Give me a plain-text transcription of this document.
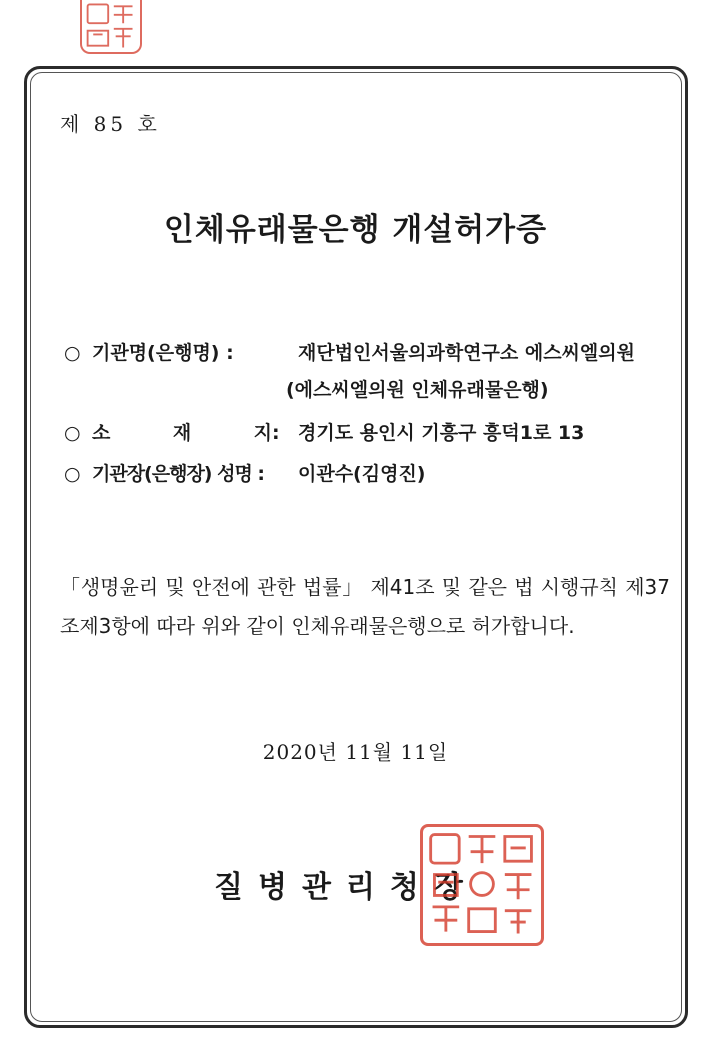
제 85 호
인체유래물은행 개설허가증
○ 기관명(은행명) :	재단법인서울의과학연구소 에스씨엘의원
(에스씨엘의원 인체유래물은행)
○ 소	재	지 : 경기도 용인시 기흥구 흥덕1로 13
○ 기관장(은행장) 성명 :	이관수(김영진)
「생명윤리 및 안전에 관한 법률」 제41조 및 같은 법 시행규칙 제37조제3항에 따라 위와 같이 인체유래물은행으로 허가합니다.
2020년 11월 11일
질병관리청장
